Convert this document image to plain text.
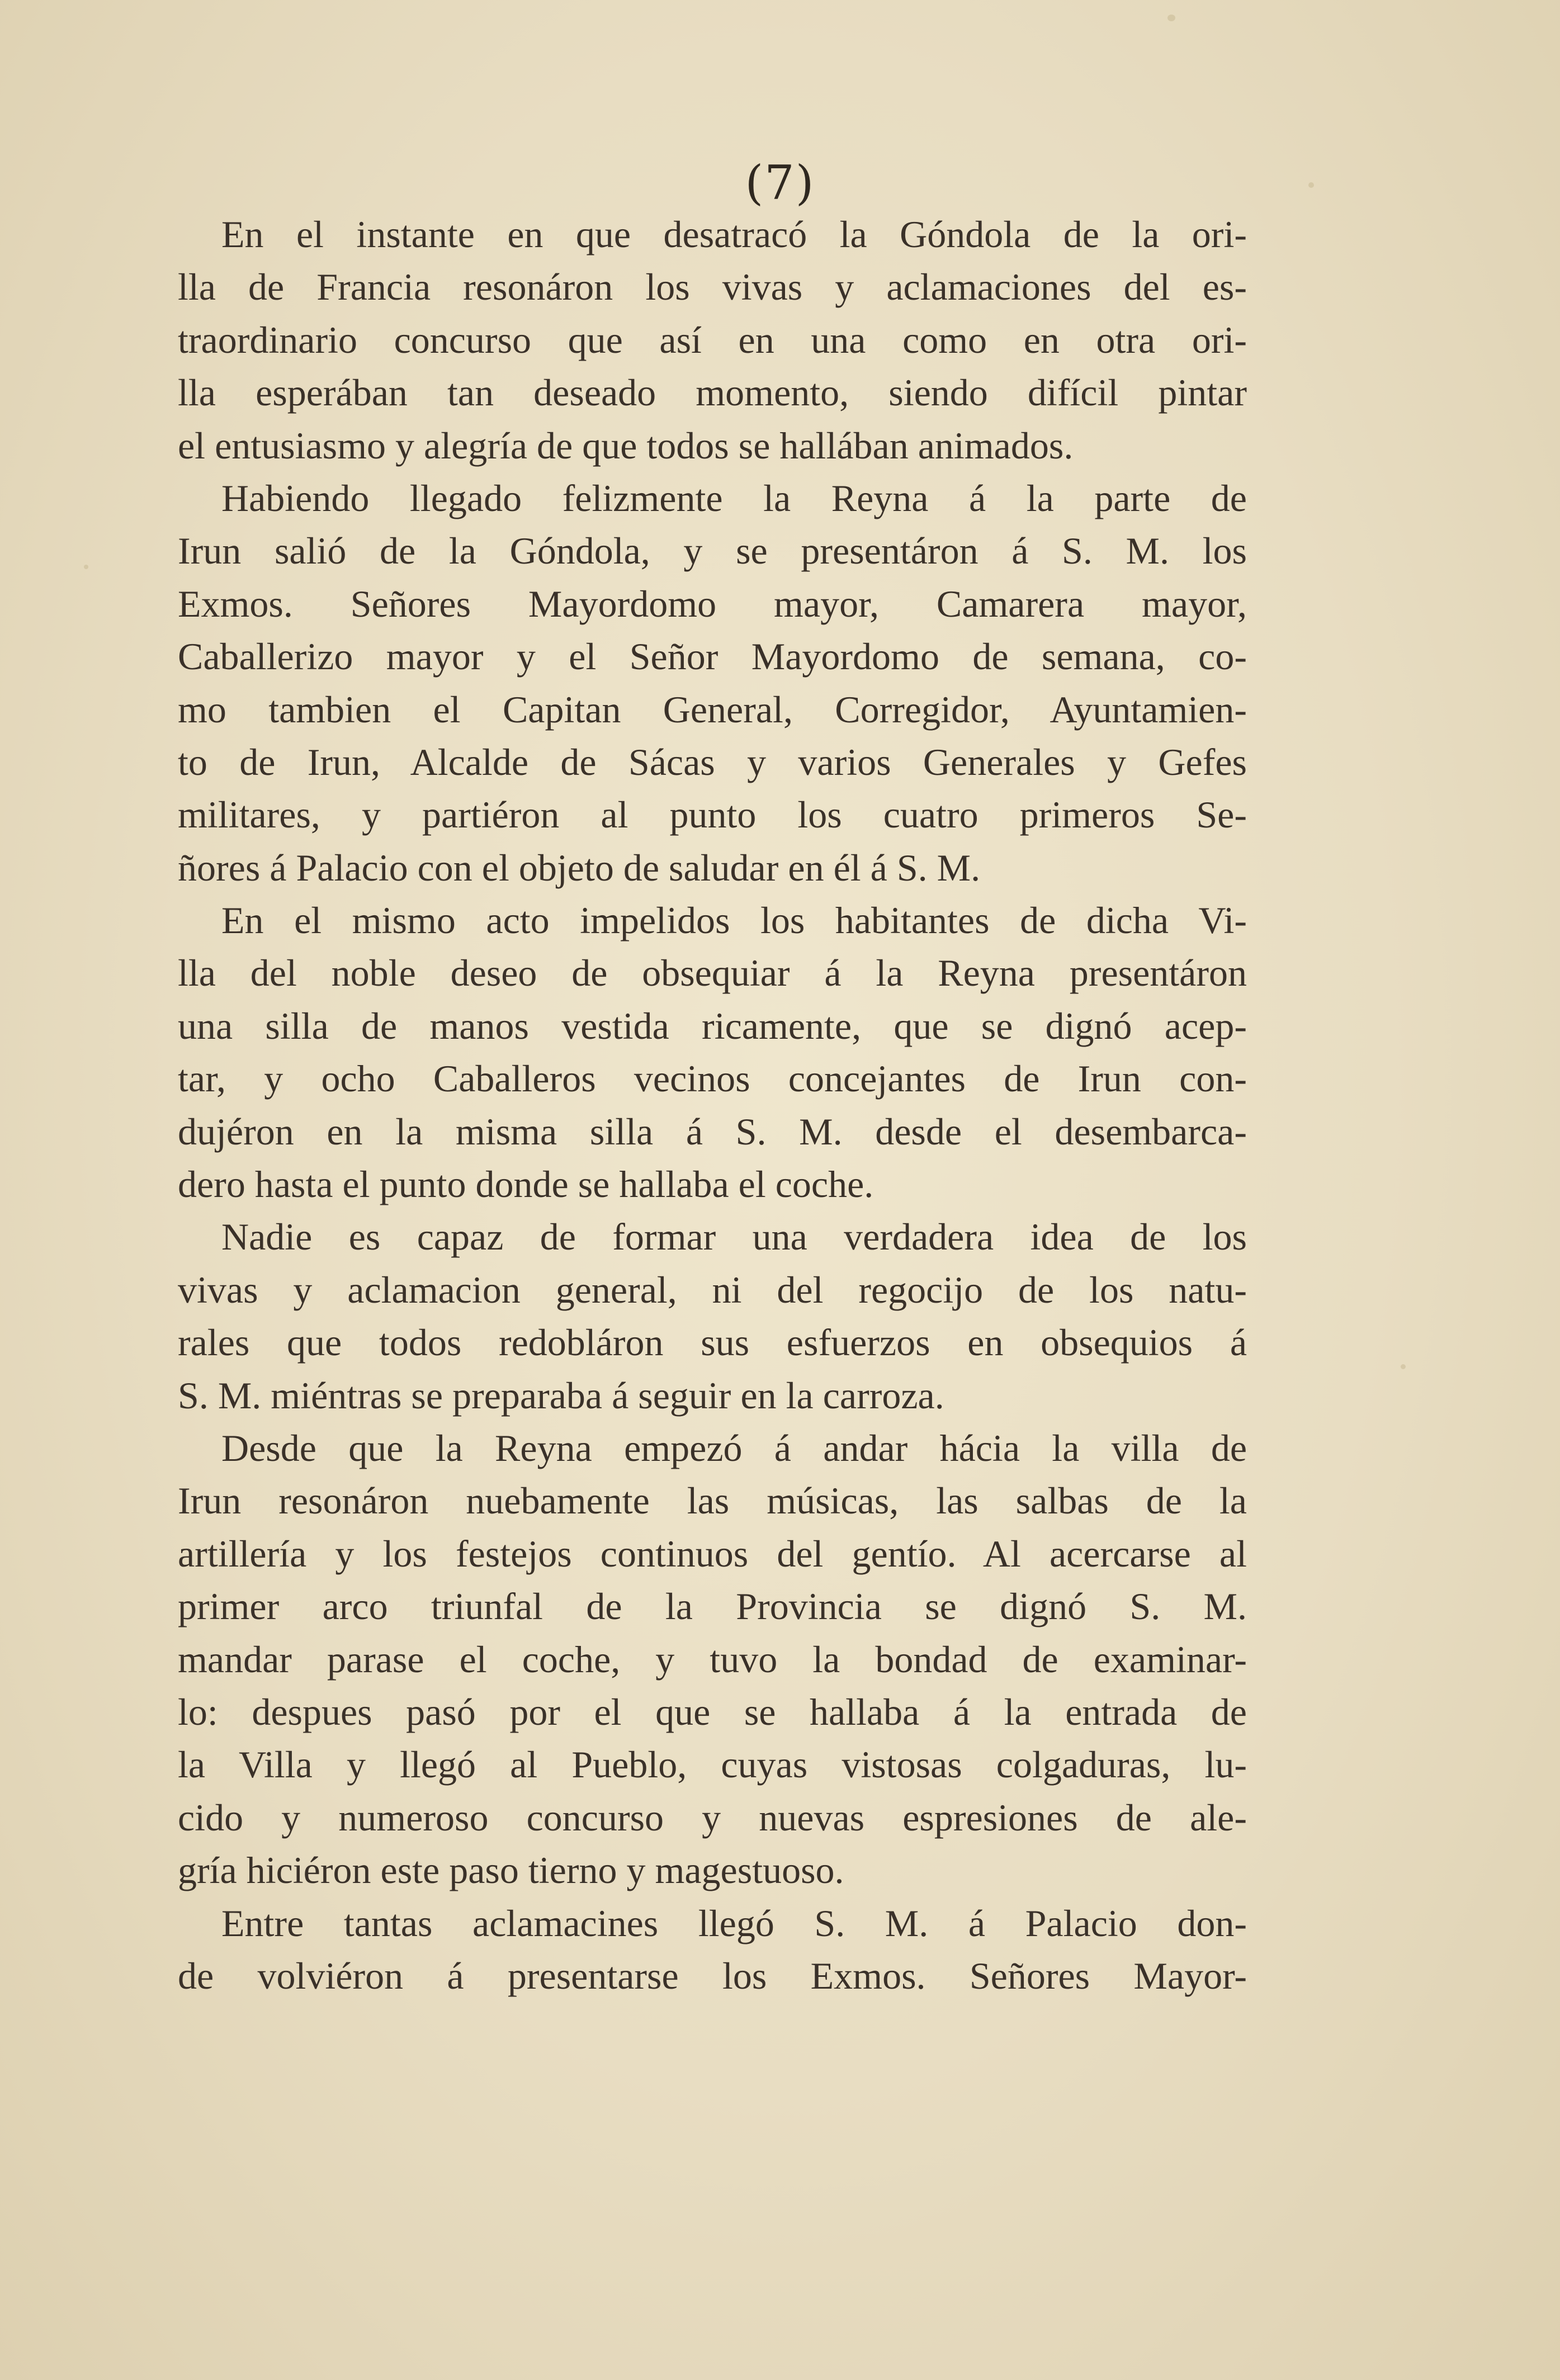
(7)
En el instante en que desatracó la Góndola de la ori-
lla de Francia resonáron los vivas y aclamaciones del es-
traordinario concurso que así en una como en otra ori-
lla esperában tan deseado momento, siendo difícil pintar
el entusiasmo y alegría de que todos se hallában animados.
Habiendo llegado felizmente la Reyna á la parte de
Irun salió de la Góndola, y se presentáron á S. M. los
Exmos. Señores Mayordomo mayor, Camarera mayor,
Caballerizo mayor y el Señor Mayordomo de semana, co-
mo tambien el Capitan General, Corregidor, Ayuntamien-
to de Irun, Alcalde de Sácas y varios Generales y Gefes
militares, y partiéron al punto los cuatro primeros Se-
ñores á Palacio con el objeto de saludar en él á S. M.
En el mismo acto impelidos los habitantes de dicha Vi-
lla del noble deseo de obsequiar á la Reyna presentáron
una silla de manos vestida ricamente, que se dignó acep-
tar, y ocho Caballeros vecinos concejantes de Irun con-
dujéron en la misma silla á S. M. desde el desembarca-
dero hasta el punto donde se hallaba el coche.
Nadie es capaz de formar una verdadera idea de los
vivas y aclamacion general, ni del regocijo de los natu-
rales que todos redobláron sus esfuerzos en obsequios á
S. M. miéntras se preparaba á seguir en la carroza.
Desde que la Reyna empezó á andar hácia la villa de
Irun resonáron nuebamente las músicas, las salbas de la
artillería y los festejos continuos del gentío. Al acercarse al
primer arco triunfal de la Provincia se dignó S. M.
mandar parase el coche, y tuvo la bondad de examinar-
lo: despues pasó por el que se hallaba á la entrada de
la Villa y llegó al Pueblo, cuyas vistosas colgaduras, lu-
cido y numeroso concurso y nuevas espresiones de ale-
gría hiciéron este paso tierno y magestuoso.
Entre tantas aclamacines llegó S. M. á Palacio don-
de volviéron á presentarse los Exmos. Señores Mayor-
